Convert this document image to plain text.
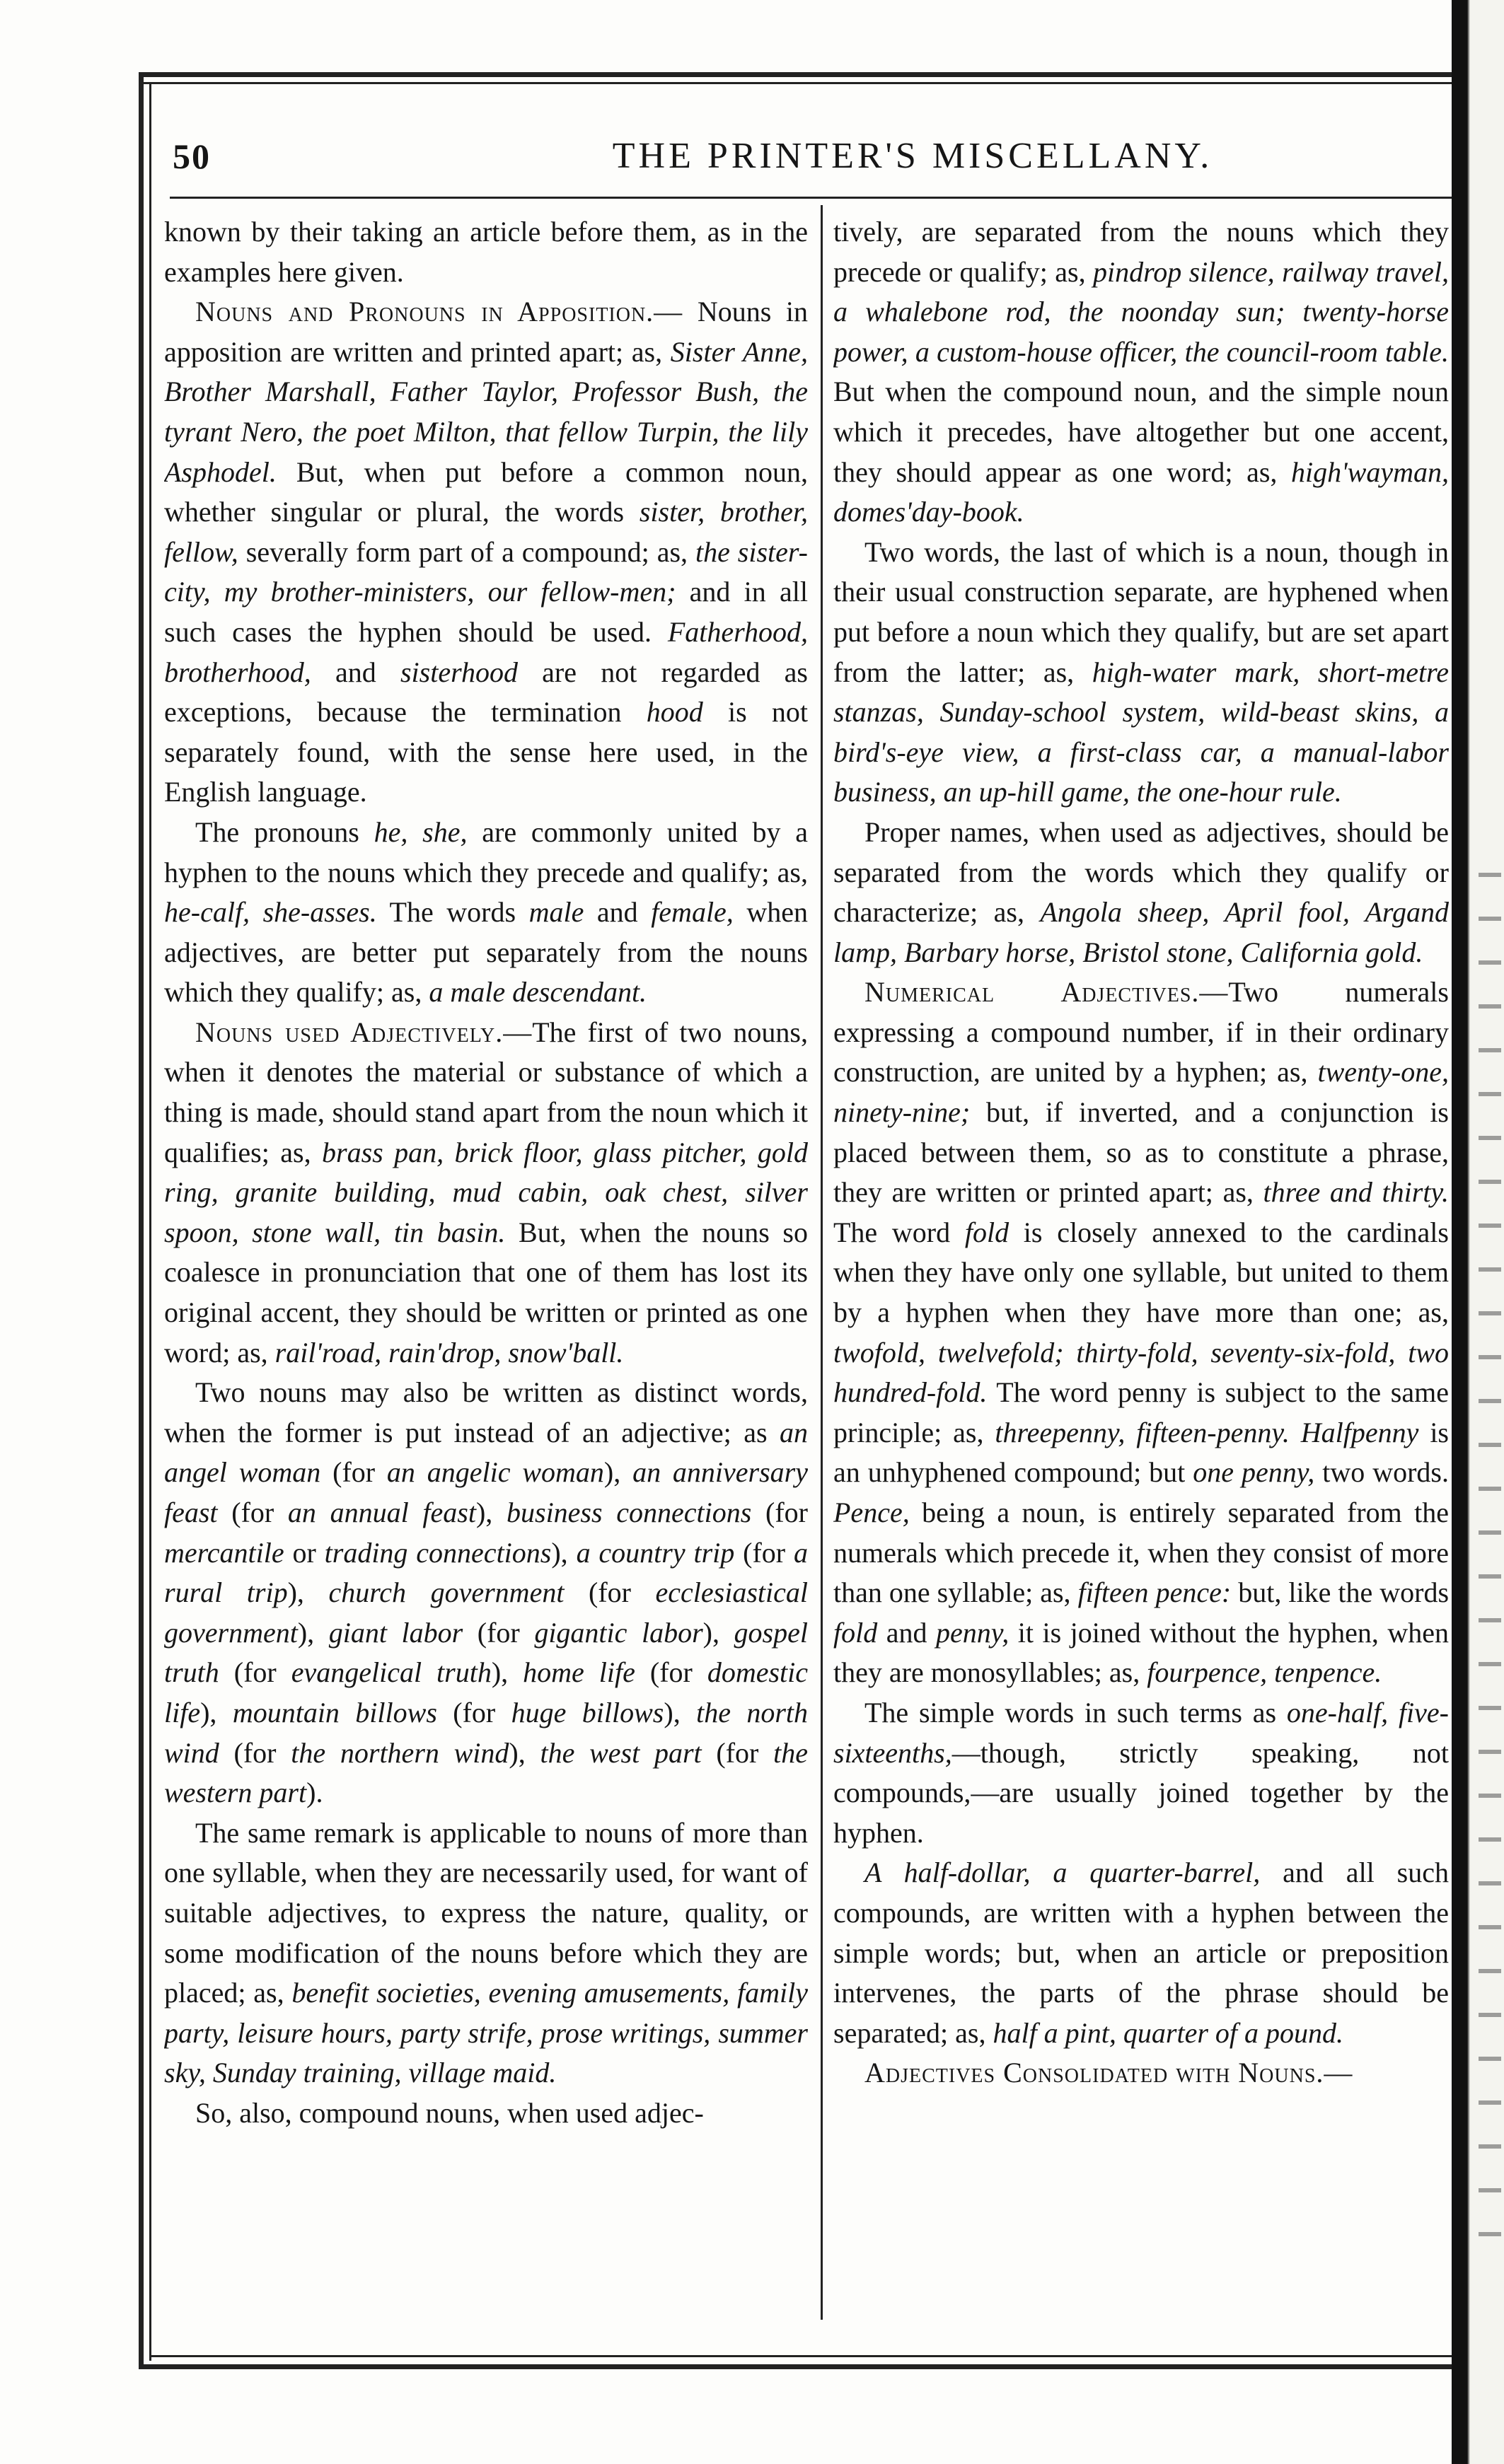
50	THE PRINTER'S MISCELLANY.

known by their taking an article before them, as in the examples here given.

Nouns and Pronouns in Apposition.— Nouns in apposition are written and printed apart; as, Sister Anne, Brother Marshall, Father Taylor, Professor Bush, the tyrant Nero, the poet Milton, that fellow Turpin, the lily Asphodel. But, when put before a common noun, whether singular or plural, the words sister, brother, fellow, severally form part of a compound; as, the sister-city, my brother-ministers, our fellow-men; and in all such cases the hyphen should be used. Fatherhood, brotherhood, and sisterhood are not regarded as exceptions, because the termination hood is not separately found, with the sense here used, in the English language.

The pronouns he, she, are commonly united by a hyphen to the nouns which they precede and qualify; as, he-calf, she-asses. The words male and female, when adjectives, are better put separately from the nouns which they qualify; as, a male descendant.

Nouns used Adjectively.—The first of two nouns, when it denotes the material or substance of which a thing is made, should stand apart from the noun which it qualifies; as, brass pan, brick floor, glass pitcher, gold ring, granite building, mud cabin, oak chest, silver spoon, stone wall, tin basin. But, when the nouns so coalesce in pronunciation that one of them has lost its original accent, they should be written or printed as one word; as, rail'road, rain'drop, snow'ball.

Two nouns may also be written as distinct words, when the former is put instead of an adjective; as an angel woman (for an angelic woman), an anniversary feast (for an annual feast), business connections (for mercantile or trading connections), a country trip (for a rural trip), church government (for ecclesiastical government), giant labor (for gigantic labor), gospel truth (for evangelical truth), home life (for domestic life), mountain billows (for huge billows), the north wind (for the northern wind), the west part (for the western part).

The same remark is applicable to nouns of more than one syllable, when they are necessarily used, for want of suitable adjectives, to express the nature, quality, or some modification of the nouns before which they are placed; as, benefit societies, evening amusements, family party, leisure hours, party strife, prose writings, summer sky, Sunday training, village maid.

So, also, compound nouns, when used adjec-

tively, are separated from the nouns which they precede or qualify; as, pindrop silence, railway travel, a whalebone rod, the noonday sun; twenty-horse power, a custom-house officer, the council-room table. But when the compound noun, and the simple noun which it precedes, have altogether but one accent, they should appear as one word; as, high'wayman, domes'day-book.

Two words, the last of which is a noun, though in their usual construction separate, are hyphened when put before a noun which they qualify, but are set apart from the latter; as, high-water mark, short-metre stanzas, Sunday-school system, wild-beast skins, a bird's-eye view, a first-class car, a manual-labor business, an up-hill game, the one-hour rule.

Proper names, when used as adjectives, should be separated from the words which they qualify or characterize; as, Angola sheep, April fool, Argand lamp, Barbary horse, Bristol stone, California gold.

Numerical Adjectives.—Two numerals expressing a compound number, if in their ordinary construction, are united by a hyphen; as, twenty-one, ninety-nine; but, if inverted, and a conjunction is placed between them, so as to constitute a phrase, they are written or printed apart; as, three and thirty. The word fold is closely annexed to the cardinals when they have only one syllable, but united to them by a hyphen when they have more than one; as, twofold, twelvefold; thirty-fold, seventy-six-fold, two hundred-fold. The word penny is subject to the same principle; as, threepenny, fifteen-penny. Halfpenny is an unhyphened compound; but one penny, two words. Pence, being a noun, is entirely separated from the numerals which precede it, when they consist of more than one syllable; as, fifteen pence: but, like the words fold and penny, it is joined without the hyphen, when they are monosyllables; as, fourpence, tenpence.

The simple words in such terms as one-half, five-sixteenths,—though, strictly speaking, not compounds,—are usually joined together by the hyphen.

A half-dollar, a quarter-barrel, and all such compounds, are written with a hyphen between the simple words; but, when an article or preposition intervenes, the parts of the phrase should be separated; as, half a pint, quarter of a pound.

Adjectives Consolidated with Nouns.—
